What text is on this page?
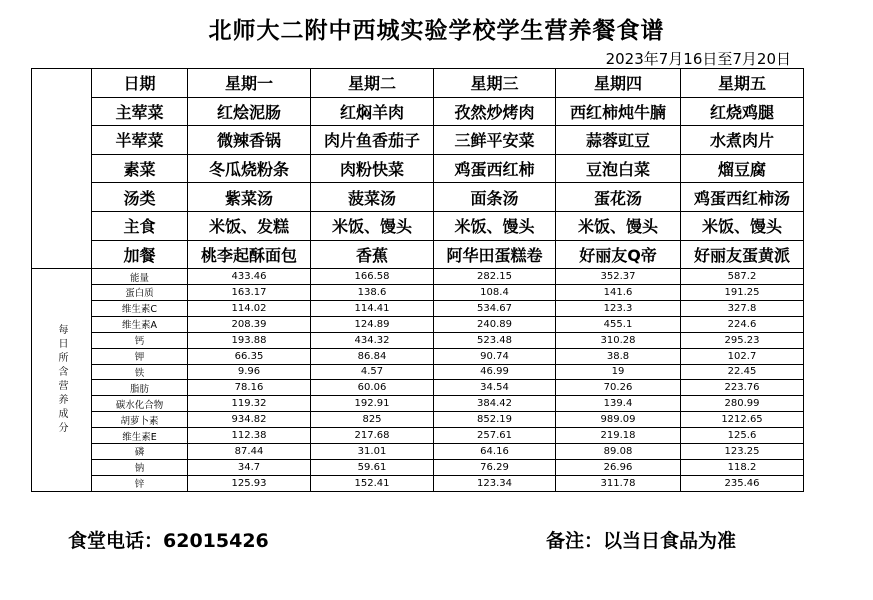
北师大二附中西城实验学校学生营养餐食谱
2023年7月16日至7月20日
	日期	星期一	星期二	星期三	星期四	星期五
	主荤菜	红烩泥肠	红焖羊肉	孜然炒烤肉	西红柿炖牛腩	红烧鸡腿
	半荤菜	微辣香锅	肉片鱼香茄子	三鲜平安菜	蒜蓉豇豆	水煮肉片
	素菜	冬瓜烧粉条	肉粉快菜	鸡蛋西红柿	豆泡白菜	熘豆腐
	汤类	紫菜汤	菠菜汤	面条汤	蛋花汤	鸡蛋西红柿汤
	主食	米饭、发糕	米饭、馒头	米饭、馒头	米饭、馒头	米饭、馒头
	加餐	桃李起酥面包	香蕉	阿华田蛋糕卷	好丽友Q帝	好丽友蛋黄派
每日所含营养成分	能量	433.46	166.58	282.15	352.37	587.2
	蛋白质	163.17	138.6	108.4	141.6	191.25
	维生素C	114.02	114.41	534.67	123.3	327.8
	维生素A	208.39	124.89	240.89	455.1	224.6
	钙	193.88	434.32	523.48	310.28	295.23
	钾	66.35	86.84	90.74	38.8	102.7
	铁	9.96	4.57	46.99	19	22.45
	脂肪	78.16	60.06	34.54	70.26	223.76
	碳水化合物	119.32	192.91	384.42	139.4	280.99
	胡萝卜素	934.82	825	852.19	989.09	1212.65
	维生素E	112.38	217.68	257.61	219.18	125.6
	磷	87.44	31.01	64.16	89.08	123.25
	钠	34.7	59.61	76.29	26.96	118.2
	锌	125.93	152.41	123.34	311.78	235.46
食堂电话：62015426	备注：以当日食品为准
